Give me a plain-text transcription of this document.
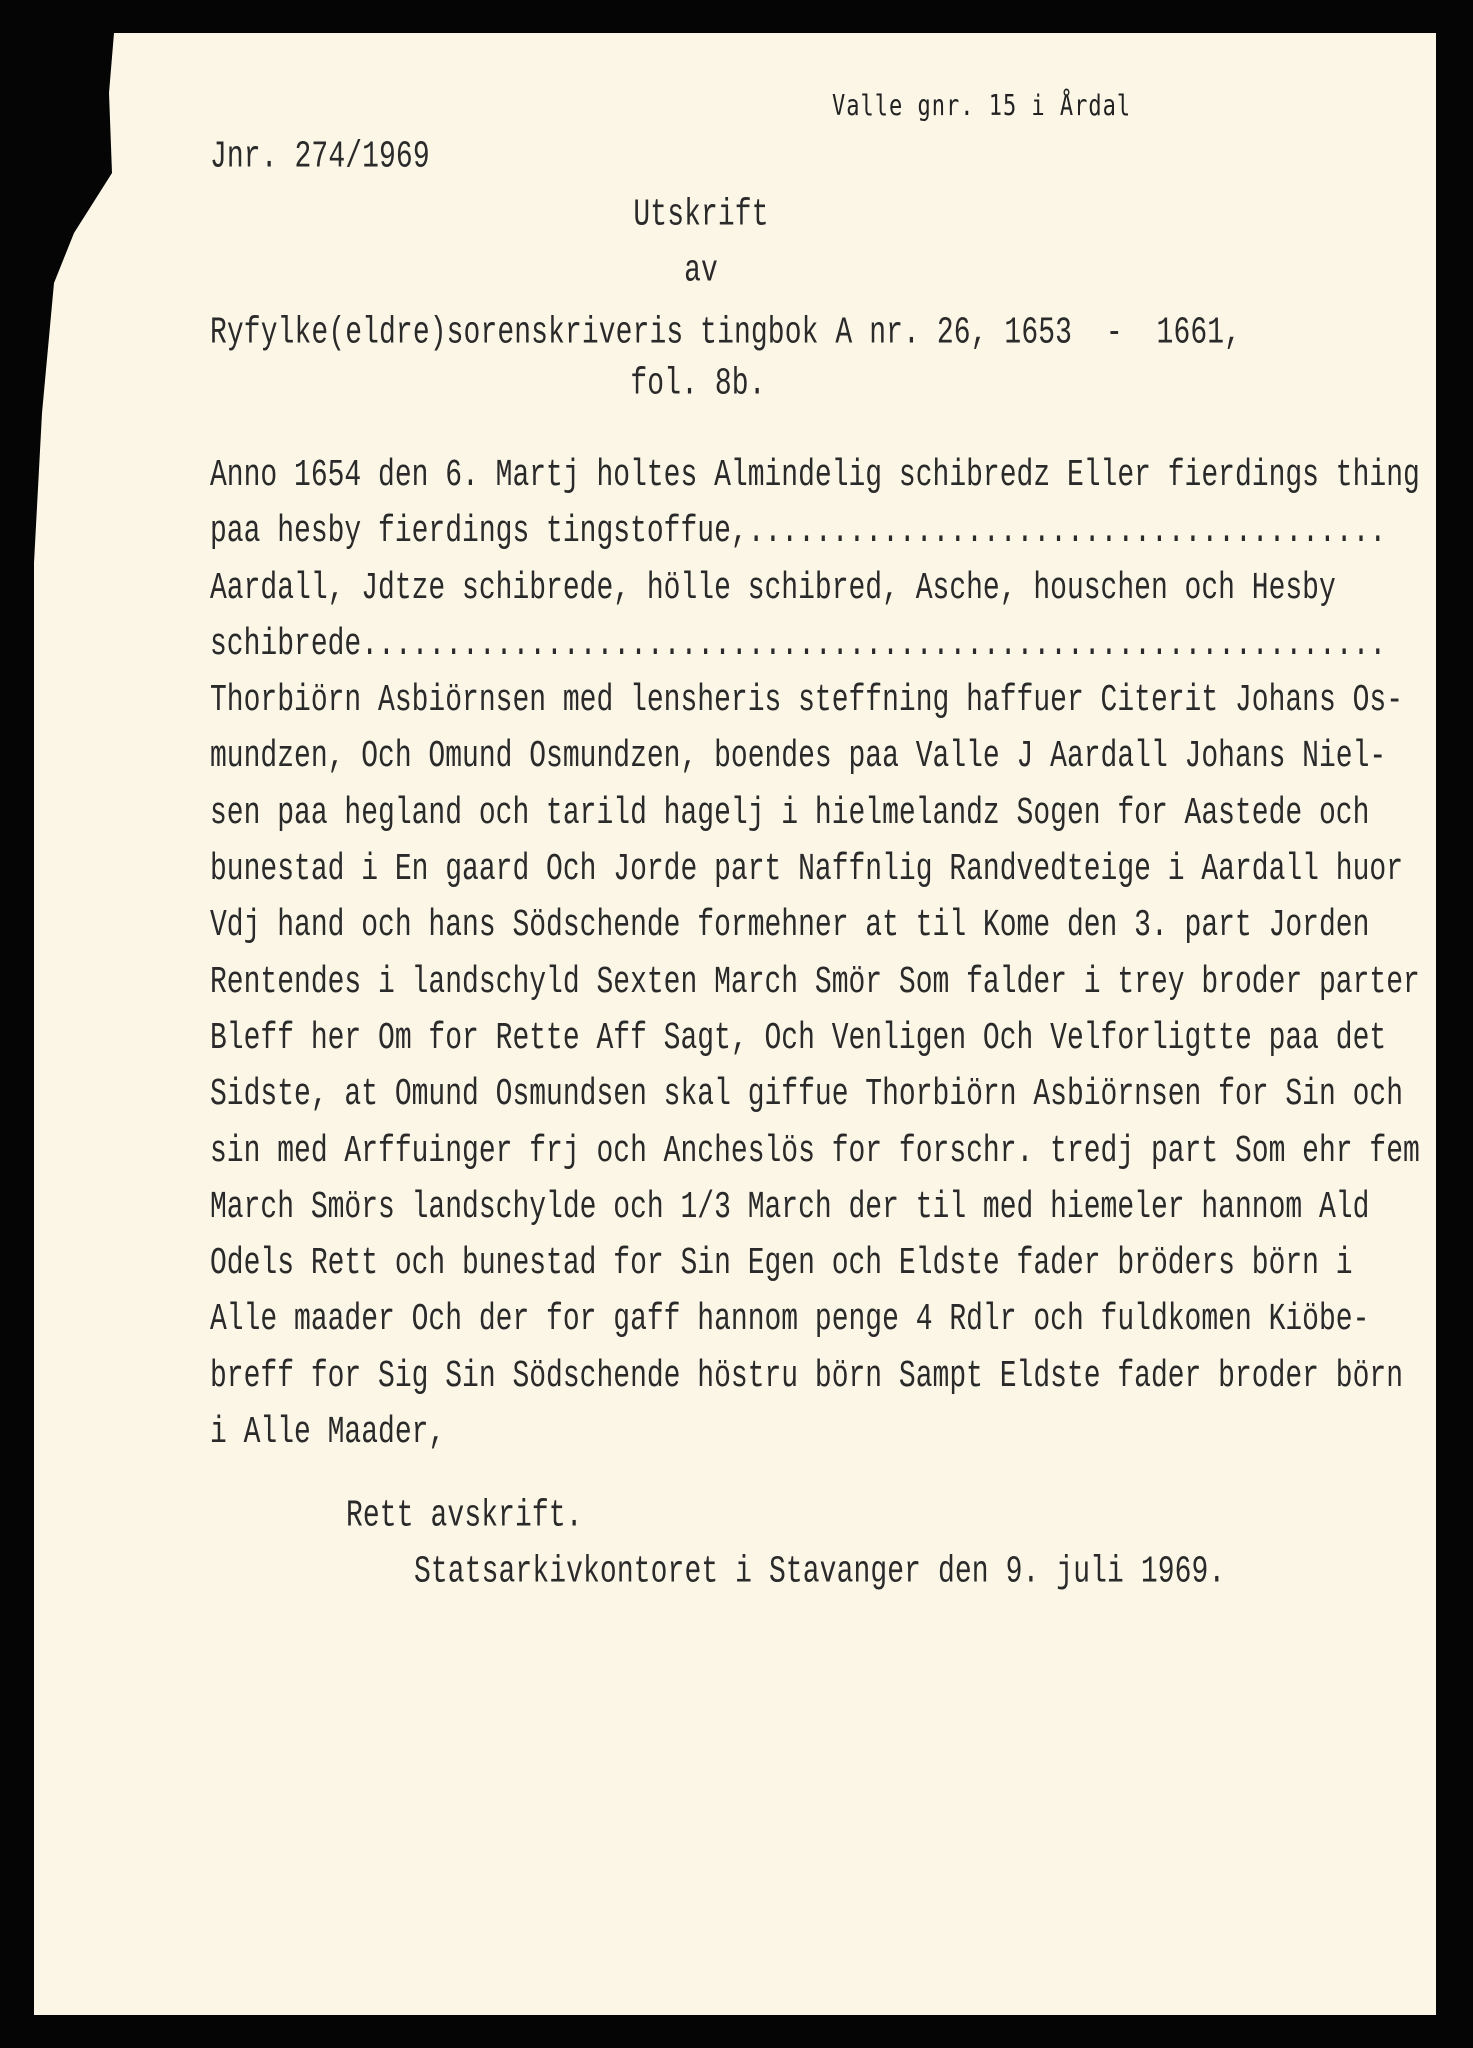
Valle gnr. 15 i Årdal
Jnr. 274/1969
Utskrift
av
Ryfylke(eldre)sorenskriveris tingbok A nr. 26, 1653  -  1661,
fol. 8b.
Anno 1654 den 6. Martj holtes Almindelig schibredz Eller fierdings thing
paa hesby fierdings tingstoffue,......................................
Aardall, Jdtze schibrede, hölle schibred, Asche, houschen och Hesby
schibrede.............................................................
Thorbiörn Asbiörnsen med lensheris steffning haffuer Citerit Johans Os-
mundzen, Och Omund Osmundzen, boendes paa Valle J Aardall Johans Niel-
sen paa hegland och tarild hagelj i hielmelandz Sogen for Aastede och
bunestad i En gaard Och Jorde part Naffnlig Randvedteige i Aardall huor
Vdj hand och hans Södschende formehner at til Kome den 3. part Jorden
Rentendes i landschyld Sexten March Smör Som falder i trey broder parter
Bleff her Om for Rette Aff Sagt, Och Venligen Och Velforligtte paa det
Sidste, at Omund Osmundsen skal giffue Thorbiörn Asbiörnsen for Sin och
sin med Arffuinger frj och Ancheslös for forschr. tredj part Som ehr fem
March Smörs landschylde och 1/3 March der til med hiemeler hannom Ald
Odels Rett och bunestad for Sin Egen och Eldste fader bröders börn i
Alle maader Och der for gaff hannom penge 4 Rdlr och fuldkomen Kiöbe-
breff for Sig Sin Södschende höstru börn Sampt Eldste fader broder börn
i Alle Maader,
Rett avskrift.
Statsarkivkontoret i Stavanger den 9. juli 1969.
